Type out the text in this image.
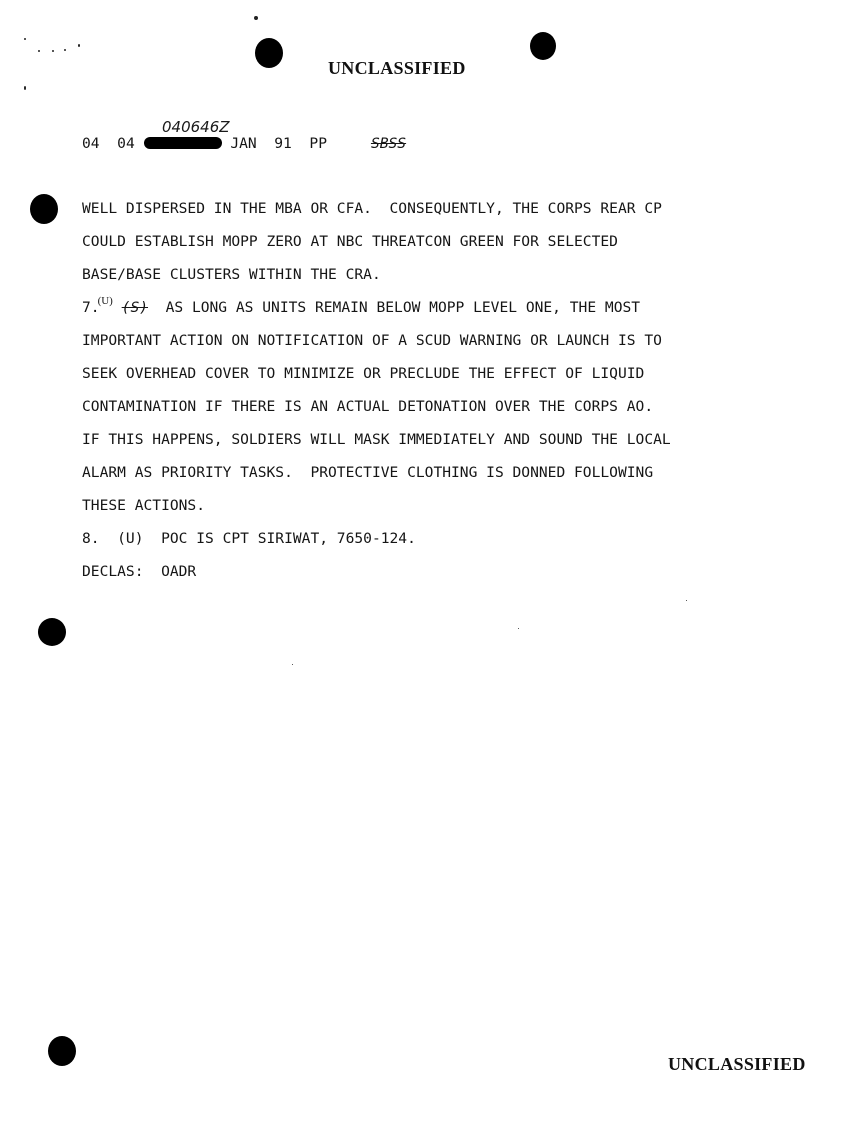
UNCLASSIFIED
040646Z
04 04	JAN 91 PP	SBSS
WELL DISPERSED IN THE MBA OR CFA.  CONSEQUENTLY, THE CORPS REAR CP
COULD ESTABLISH MOPP ZERO AT NBC THREATCON GREEN FOR SELECTED
BASE/BASE CLUSTERS WITHIN THE CRA.
7.$^{(U)}$ (S) AS LONG AS UNITS REMAIN BELOW MOPP LEVEL ONE, THE MOST
IMPORTANT ACTION ON NOTIFICATION OF A SCUD WARNING OR LAUNCH IS TO
SEEK OVERHEAD COVER TO MINIMIZE OR PRECLUDE THE EFFECT OF LIQUID
CONTAMINATION IF THERE IS AN ACTUAL DETONATION OVER THE CORPS AO.
IF THIS HAPPENS, SOLDIERS WILL MASK IMMEDIATELY AND SOUND THE LOCAL
ALARM AS PRIORITY TASKS.  PROTECTIVE CLOTHING IS DONNED FOLLOWING
THESE ACTIONS.
8.  (U)  POC IS CPT SIRIWAT, 7650-124.
DECLAS:  OADR
UNCLASSIFIED
